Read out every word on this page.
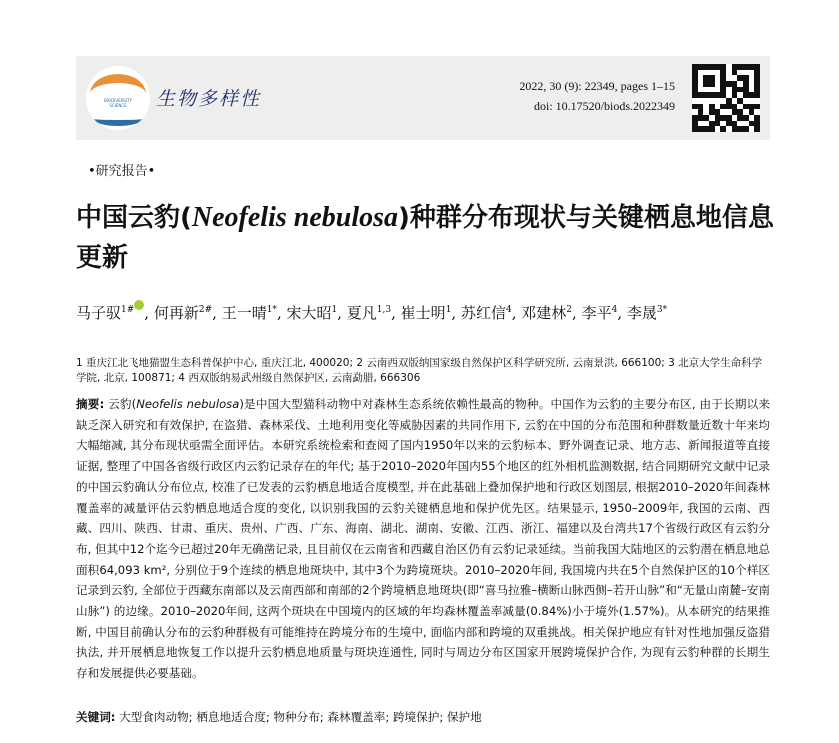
BIODIVERSITY SCIENCE	生物多样性
2022, 30 (9): 22349, pages 1–15
doi: 10.17520/biods.2022349
•研究报告•
中国云豹(Neofelis nebulosa)种群分布现状与关键栖息地信息更新
马子驭$^{1\#}$ , 何再新$^{2\#}$, 王一晴$^{1*}$, 宋大昭$^1$, 夏凡$^{1,3}$, 崔士明$^1$, 苏红信$^4$, 邓建林$^2$, 李平$^4$, 李晟$^{3*}$
1 重庆江北飞地猫盟生态科普保护中心, 重庆江北, 400020; 2 云南西双版纳国家级自然保护区科学研究所, 云南景洪, 666100; 3 北京大学生命科学学院, 北京, 100871; 4 西双版纳易武州级自然保护区, 云南勐腊, 666306
摘要: 云豹(Neofelis nebulosa)是中国大型猫科动物中对森林生态系统依赖性最高的物种。中国作为云豹的主要分布区, 由于长期以来缺乏深入研究和有效保护, 在盗猎、森林采伐、土地利用变化等威胁因素的共同作用下, 云豹在中国的分布范围和种群数量近数十年来均大幅缩减, 其分布现状亟需全面评估。本研究系统检索和查阅了国内1950年以来的云豹标本、野外调查记录、地方志、新闻报道等直接证据, 整理了中国各省级行政区内云豹记录存在的年代; 基于2010–2020年国内55个地区的红外相机监测数据, 结合同期研究文献中记录的中国云豹确认分布位点, 校准了已发表的云豹栖息地适合度模型, 并在此基础上叠加保护地和行政区划图层, 根据2010–2020年间森林覆盖率的减量评估云豹栖息地适合度的变化, 以识别我国的云豹关键栖息地和保护优先区。结果显示, 1950–2009年, 我国的云南、西藏、四川、陕西、甘肃、重庆、贵州、广西、广东、海南、湖北、湖南、安徽、江西、浙江、福建以及台湾共17个省级行政区有云豹分布, 但其中12个迄今已超过20年无确凿记录, 且目前仅在云南省和西藏自治区仍有云豹记录延续。当前我国大陆地区的云豹潜在栖息地总面积64,093 km², 分别位于9个连续的栖息地斑块中, 其中3个为跨境斑块。2010–2020年间, 我国境内共在5个自然保护区的10个样区记录到云豹, 全部位于西藏东南部以及云南西部和南部的2个跨境栖息地斑块(即“喜马拉雅–横断山脉西侧–若开山脉”和“无量山南麓–安南山脉”) 的边缘。2010–2020年间, 这两个斑块在中国境内的区域的年均森林覆盖率减量(0.84%)小于境外(1.57%)。从本研究的结果推断, 中国目前确认分布的云豹种群极有可能维持在跨境分布的生境中, 面临内部和跨境的双重挑战。相关保护地应有针对性地加强反盗猎执法, 并开展栖息地恢复工作以提升云豹栖息地质量与斑块连通性, 同时与周边分布区国家开展跨境保护合作, 为现有云豹种群的长期生存和发展提供必要基础。
关键词: 大型食肉动物; 栖息地适合度; 物种分布; 森林覆盖率; 跨境保护; 保护地
